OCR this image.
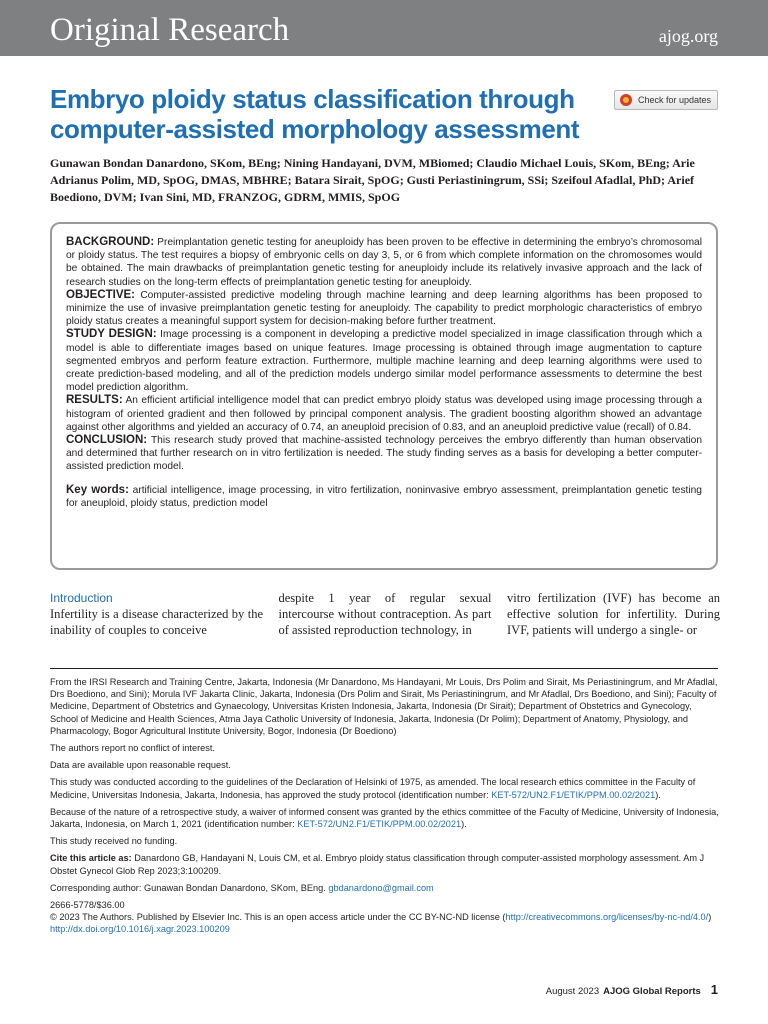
Original Research	ajog.org
Embryo ploidy status classification through computer-assisted morphology assessment
Check for updates
Gunawan Bondan Danardono, SKom, BEng; Nining Handayani, DVM, MBiomed; Claudio Michael Louis, SKom, BEng; Arie Adrianus Polim, MD, SpOG, DMAS, MBHRE; Batara Sirait, SpOG; Gusti Periastiningrum, SSi; Szeifoul Afadlal, PhD; Arief Boediono, DVM; Ivan Sini, MD, FRANZOG, GDRM, MMIS, SpOG

BACKGROUND: Preimplantation genetic testing for aneuploidy has been proven to be effective in determining the embryo’s chromosomal or ploidy status. The test requires a biopsy of embryonic cells on day 3, 5, or 6 from which complete information on the chromosomes would be obtained. The main drawbacks of preimplantation genetic testing for aneuploidy include its relatively invasive approach and the lack of research studies on the long-term effects of preimplantation genetic testing for aneuploidy.

OBJECTIVE: Computer-assisted predictive modeling through machine learning and deep learning algorithms has been proposed to minimize the use of invasive preimplantation genetic testing for aneuploidy. The capability to predict morphologic characteristics of embryo ploidy status creates a meaningful support system for decision-making before further treatment.

STUDY DESIGN: Image processing is a component in developing a predictive model specialized in image classification through which a model is able to differentiate images based on unique features. Image processing is obtained through image augmentation to capture segmented embryos and perform feature extraction. Furthermore, multiple machine learning and deep learning algorithms were used to create prediction-based modeling, and all of the prediction models undergo similar model performance assessments to determine the best model prediction algorithm.

RESULTS: An efficient artificial intelligence model that can predict embryo ploidy status was developed using image processing through a histogram of oriented gradient and then followed by principal component analysis. The gradient boosting algorithm showed an advantage against other algorithms and yielded an accuracy of 0.74, an aneuploid precision of 0.83, and an aneuploid predictive value (recall) of 0.84.

CONCLUSION: This research study proved that machine-assisted technology perceives the embryo differently than human observation and determined that further research on in vitro fertilization is needed. The study finding serves as a basis for developing a better computer-assisted prediction model.

Key words: artificial intelligence, image processing, in vitro fertilization, noninvasive embryo assessment, preimplantation genetic testing for aneuploid, ploidy status, prediction model

Introduction
Infertility is a disease characterized by the inability of couples to conceive
despite 1 year of regular sexual intercourse without contraception. As part of assisted reproduction technology, in
vitro fertilization (IVF) has become an effective solution for infertility. During IVF, patients will undergo a single- or

From the IRSI Research and Training Centre, Jakarta, Indonesia (Mr Danardono, Ms Handayani, Mr Louis, Drs Polim and Sirait, Ms Periastiningrum, and Mr Afadlal, Drs Boediono, and Sini); Morula IVF Jakarta Clinic, Jakarta, Indonesia (Drs Polim and Sirait, Ms Periastiningrum, and Mr Afadlal, Drs Boediono, and Sini); Faculty of Medicine, Department of Obstetrics and Gynaecology, Universitas Kristen Indonesia, Jakarta, Indonesia (Dr Sirait); Department of Obstetrics and Gynecology, School of Medicine and Health Sciences, Atma Jaya Catholic University of Indonesia, Jakarta, Indonesia (Dr Polim); Department of Anatomy, Physiology, and Pharmacology, Bogor Agricultural Institute University, Bogor, Indonesia (Dr Boediono)

The authors report no conflict of interest.

Data are available upon reasonable request.

This study was conducted according to the guidelines of the Declaration of Helsinki of 1975, as amended. The local research ethics committee in the Faculty of Medicine, Universitas Indonesia, Jakarta, Indonesia, has approved the study protocol (identification number: KET-572/UN2.F1/ETIK/PPM.00.02/2021).

Because of the nature of a retrospective study, a waiver of informed consent was granted by the ethics committee of the Faculty of Medicine, University of Indonesia, Jakarta, Indonesia, on March 1, 2021 (identification number: KET-572/UN2.F1/ETIK/PPM.00.02/2021).

This study received no funding.

Cite this article as: Danardono GB, Handayani N, Louis CM, et al. Embryo ploidy status classification through computer-assisted morphology assessment. Am J Obstet Gynecol Glob Rep 2023;3:100209.

Corresponding author: Gunawan Bondan Danardono, SKom, BEng. gbdanardono@gmail.com

2666-5778/$36.00
© 2023 The Authors. Published by Elsevier Inc. This is an open access article under the CC BY-NC-ND license (http://creativecommons.org/licenses/by-nc-nd/4.0/)
http://dx.doi.org/10.1016/j.xagr.2023.100209

August 2023 AJOG Global Reports 1
